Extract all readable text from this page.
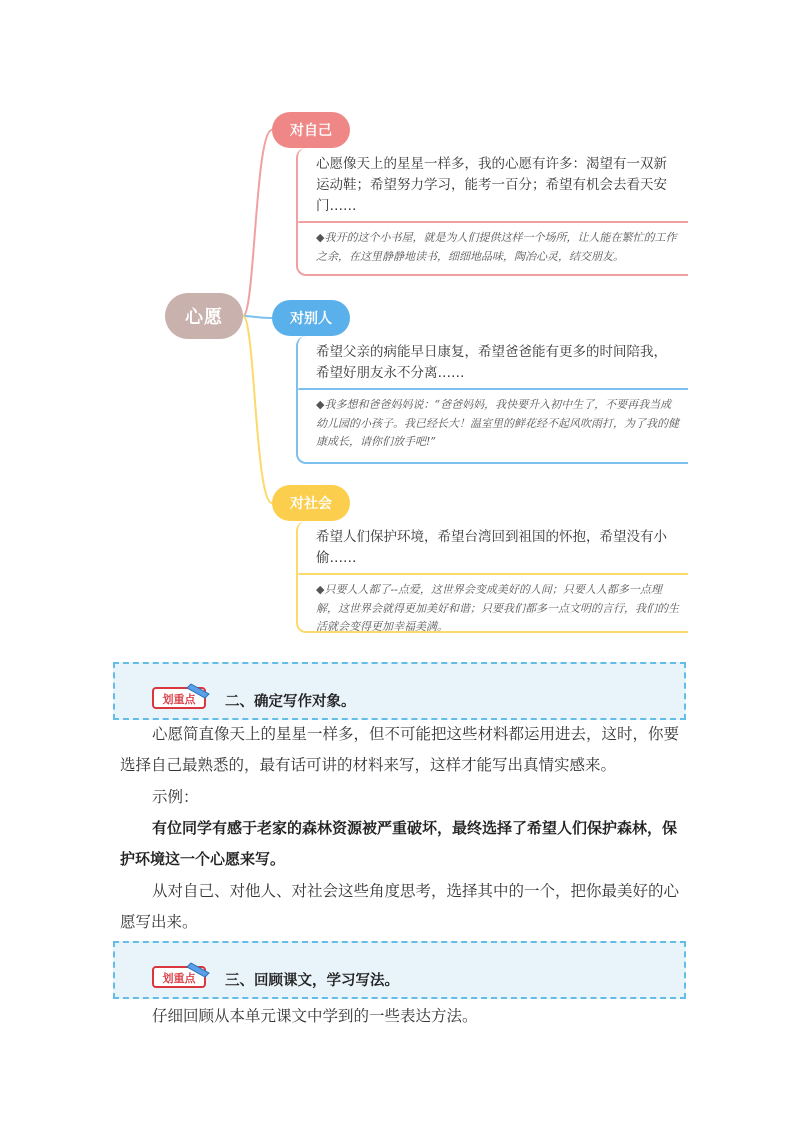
心愿
对自己
对别人
对社会
心愿像天上的星星一样多，我的心愿有许多：渴望有一双新运动鞋；希望努力学习，能考一百分；希望有机会去看天安门……
◆我开的这个小书屋，就是为人们提供这样一个场所，让人能在繁忙的工作之余，在这里静静地读书，细细地品味，陶冶心灵，结交朋友。
希望父亲的病能早日康复，希望爸爸能有更多的时间陪我，希望好朋友永不分离……
◆我多想和爸爸妈妈说：“爸爸妈妈，我快要升入初中生了，不要再我当成幼儿园的小孩子。我已经长大！温室里的鲜花经不起风吹雨打，为了我的健康成长，请你们放手吧!”
希望人们保护环境，希望台湾回到祖国的怀抱，希望没有小偷……
◆只要人人都了--点爱，这世界会变成美好的人间；只要人人都多一点理解，这世界会就得更加美好和谐；只要我们都多一点文明的言行，我们的生活就会变得更加幸福美满。
划重点 二、确定写作对象。
心愿简直像天上的星星一样多，但不可能把这些材料都运用进去，这时，你要选择自己最熟悉的，最有话可讲的材料来写，这样才能写出真情实感来。
示例：
有位同学有感于老家的森林资源被严重破坏，最终选择了希望人们保护森林，保护环境这一个心愿来写。
从对自己、对他人、对社会这些角度思考，选择其中的一个，把你最美好的心愿写出来。
划重点 三、回顾课文，学习写法。
仔细回顾从本单元课文中学到的一些表达方法。
